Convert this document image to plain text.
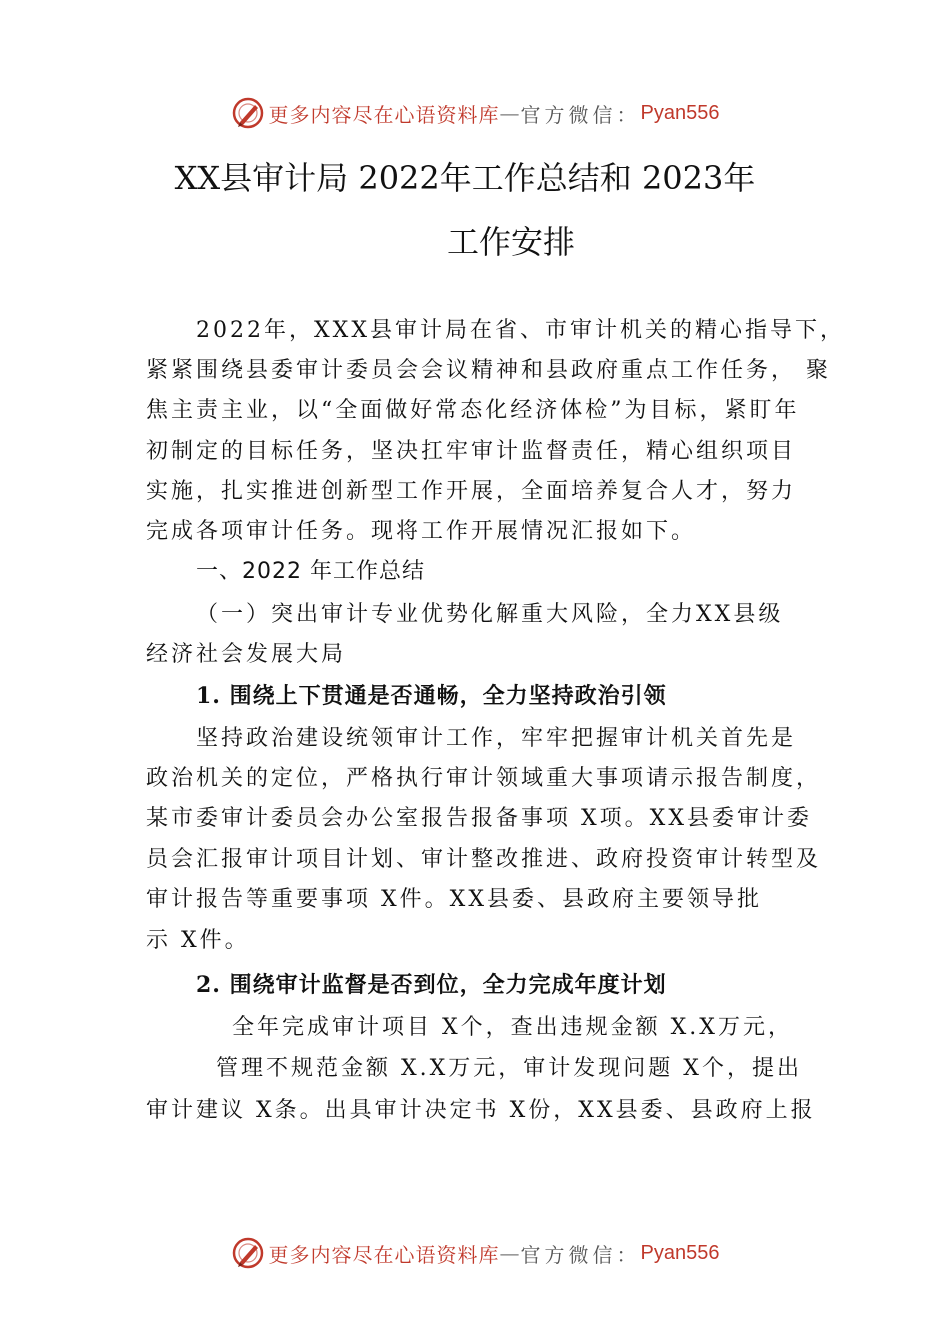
更多内容尽在心语资料库 — 官方微信： Pyan556
XX县审计局 2022年工作总结和 2023年
工作安排
2022年，XXX县审计局在省、市审计机关的精心指导下，
紧紧围绕县委审计委员会会议精神和县政府重点工作任务， 聚
焦主责主业，以“全面做好常态化经济体检”为目标，紧盯年
初制定的目标任务，坚决扛牢审计监督责任，精心组织项目
实施，扎实推进创新型工作开展，全面培养复合人才，努力
完成各项审计任务。现将工作开展情况汇报如下。
一、2022 年工作总结
（一）突出审计专业优势化解重大风险，全力XX县级
经济社会发展大局
1. 围绕上下贯通是否通畅，全力坚持政治引领
坚持政治建设统领审计工作，牢牢把握审计机关首先是
政治机关的定位，严格执行审计领域重大事项请示报告制度，
某市委审计委员会办公室报告报备事项 X项。XX县委审计委
员会汇报审计项目计划、审计整改推进、政府投资审计转型及
审计报告等重要事项 X件。XX县委、县政府主要领导批
示 X件。
2. 围绕审计监督是否到位，全力完成年度计划
全年完成审计项目 X个，查出违规金额 X.X万元，
管理不规范金额 X.X万元，审计发现问题 X个，提出
审计建议 X条。出具审计决定书 X份，XX县委、县政府上报
更多内容尽在心语资料库 — 官方微信： Pyan556
